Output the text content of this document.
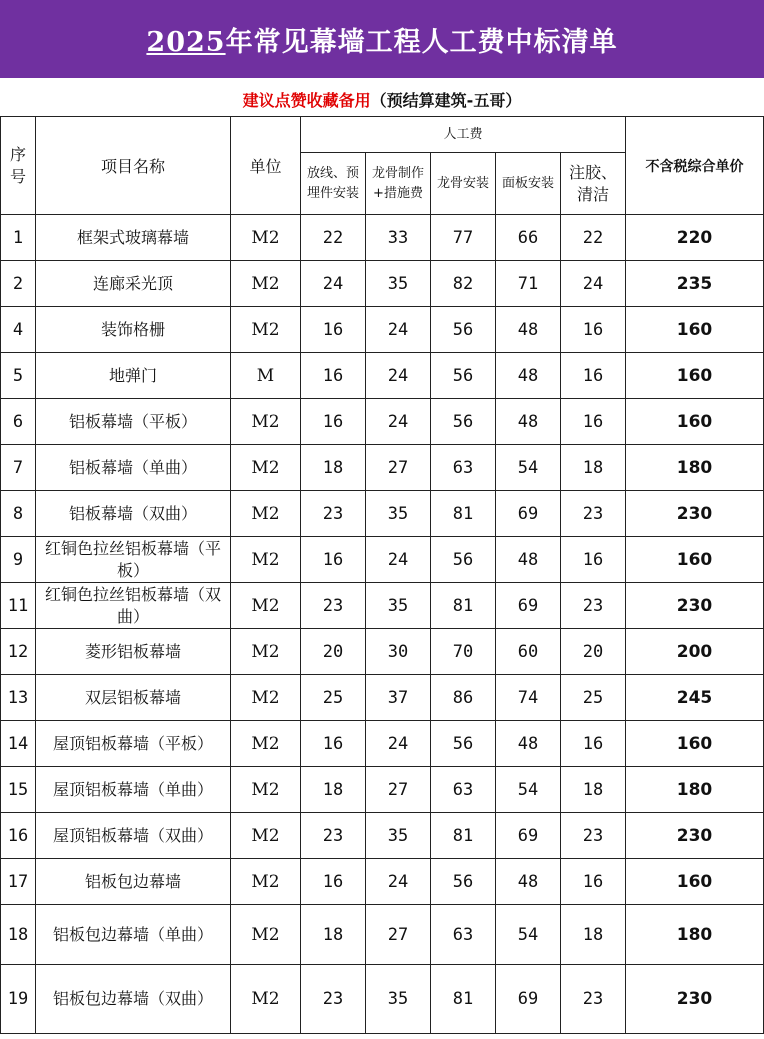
2025年常见幕墙工程人工费中标清单
建议点赞收藏备用 （预结算建筑-五哥）
序号	项目名称	单位	人工费					不含税综合单价
			放线、预埋件安装	龙骨制作+措施费	龙骨安装	面板安装	注胶、清洁	
1	框架式玻璃幕墙	M2	22	33	77	66	22	220
2	连廊采光顶	M2	24	35	82	71	24	235
4	装饰格栅	M2	16	24	56	48	16	160
5	地弹门	M	16	24	56	48	16	160
6	铝板幕墙（平板）	M2	16	24	56	48	16	160
7	铝板幕墙（单曲）	M2	18	27	63	54	18	180
8	铝板幕墙（双曲）	M2	23	35	81	69	23	230
9	红铜色拉丝铝板幕墙（平板）	M2	16	24	56	48	16	160
11	红铜色拉丝铝板幕墙（双曲）	M2	23	35	81	69	23	230
12	菱形铝板幕墙	M2	20	30	70	60	20	200
13	双层铝板幕墙	M2	25	37	86	74	25	245
14	屋顶铝板幕墙（平板）	M2	16	24	56	48	16	160
15	屋顶铝板幕墙（单曲）	M2	18	27	63	54	18	180
16	屋顶铝板幕墙（双曲）	M2	23	35	81	69	23	230
17	铝板包边幕墙	M2	16	24	56	48	16	160
18	铝板包边幕墙（单曲）	M2	18	27	63	54	18	180
19	铝板包边幕墙（双曲）	M2	23	35	81	69	23	230
